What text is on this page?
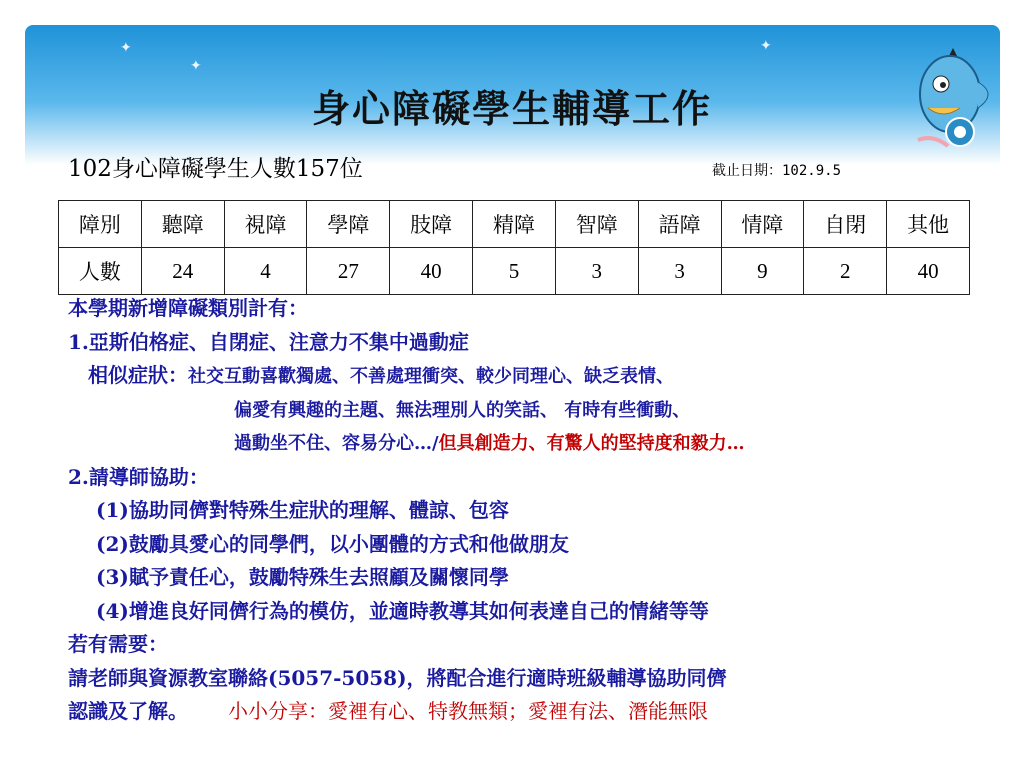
✦
✦
✦
身心障礙學生輔導工作
102身心障礙學生人數157位	截止日期：102.9.5
障別	聽障	視障	學障	肢障	精障	智障	語障	情障	自閉	其他
人數	24	4	27	40	5	3	3	9	2	40
本學期新增障礙類別計有：
1.亞斯伯格症、自閉症、注意力不集中過動症
相似症狀：社交互動喜歡獨處、不善處理衝突、較少同理心、缺乏表情、
偏愛有興趣的主題、無法理別人的笑話、 有時有些衝動、
過動坐不住、容易分心…/但具創造力、有驚人的堅持度和毅力…
2.請導師協助：
(1)協助同儕對特殊生症狀的理解、體諒、包容
(2)鼓勵具愛心的同學們，以小團體的方式和他做朋友
(3)賦予責任心，鼓勵特殊生去照顧及關懷同學
(4)增進良好同儕行為的模仿，並適時教導其如何表達自己的情緒等等
若有需要：
請老師與資源教室聯絡(5057-5058)，將配合進行適時班級輔導協助同儕
認識及了解。 小小分享：愛裡有心、特教無類；愛裡有法、潛能無限
